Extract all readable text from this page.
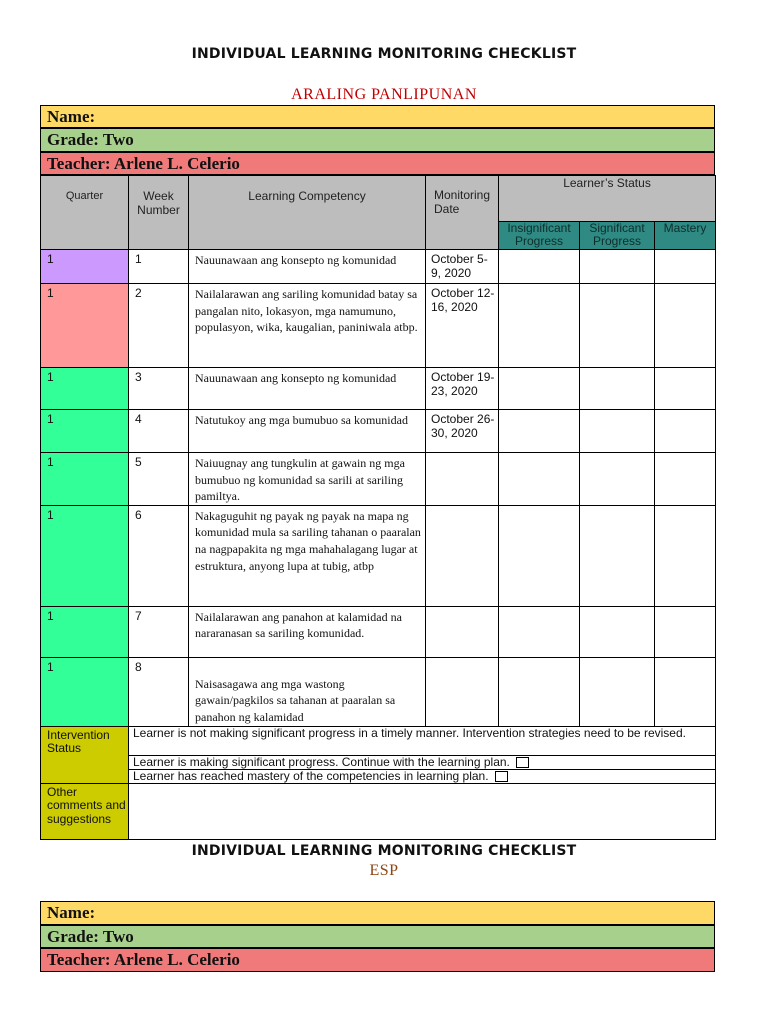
INDIVIDUAL LEARNING MONITORING CHECKLIST
ARALING PANLIPUNAN
Name:
Grade: Two
Teacher: Arlene L. Celerio
Quarter	Week Number	Learning Competency	Monitoring Date	Learner’s Status		
				Insignificant Progress	Significant Progress	Mastery
1	1	Nauunawaan ang konsepto ng komunidad	October 5-9, 2020			
1	2	Nailalarawan ang sariling komunidad batay sa pangalan nito, lokasyon, mga namumuno, populasyon, wika, kaugalian, paniniwala atbp.	October 12-16, 2020			
1	3	Nauunawaan ang konsepto ng komunidad	October 19-23, 2020			
1	4	Natutukoy ang mga bumubuo sa komunidad	October 26-30, 2020			
1	5	Naiuugnay ang tungkulin at gawain ng mga bumubuo ng komunidad sa sarili at sariling pamiltya.				
1	6	Nakaguguhit ng payak ng payak na mapa ng komunidad mula sa sariling tahanan o paaralan na nagpapakita ng mga mahahalagang lugar at estruktura, anyong lupa at tubig, atbp				
1	7	Nailalarawan ang panahon at kalamidad na nararanasan sa sariling komunidad.				
1	8	Naisasagawa ang mga wastong gawain/pagkilos sa tahanan at paaralan sa panahon ng kalamidad				
Intervention Status	Learner is not making significant progress in a timely manner. Intervention strategies need to be revised.					
	Learner is making significant progress. Continue with the learning plan.					
	Learner has reached mastery of the competencies in learning plan.					
Other comments and suggestions						
INDIVIDUAL LEARNING MONITORING CHECKLIST
ESP
Name:
Grade: Two
Teacher: Arlene L. Celerio
